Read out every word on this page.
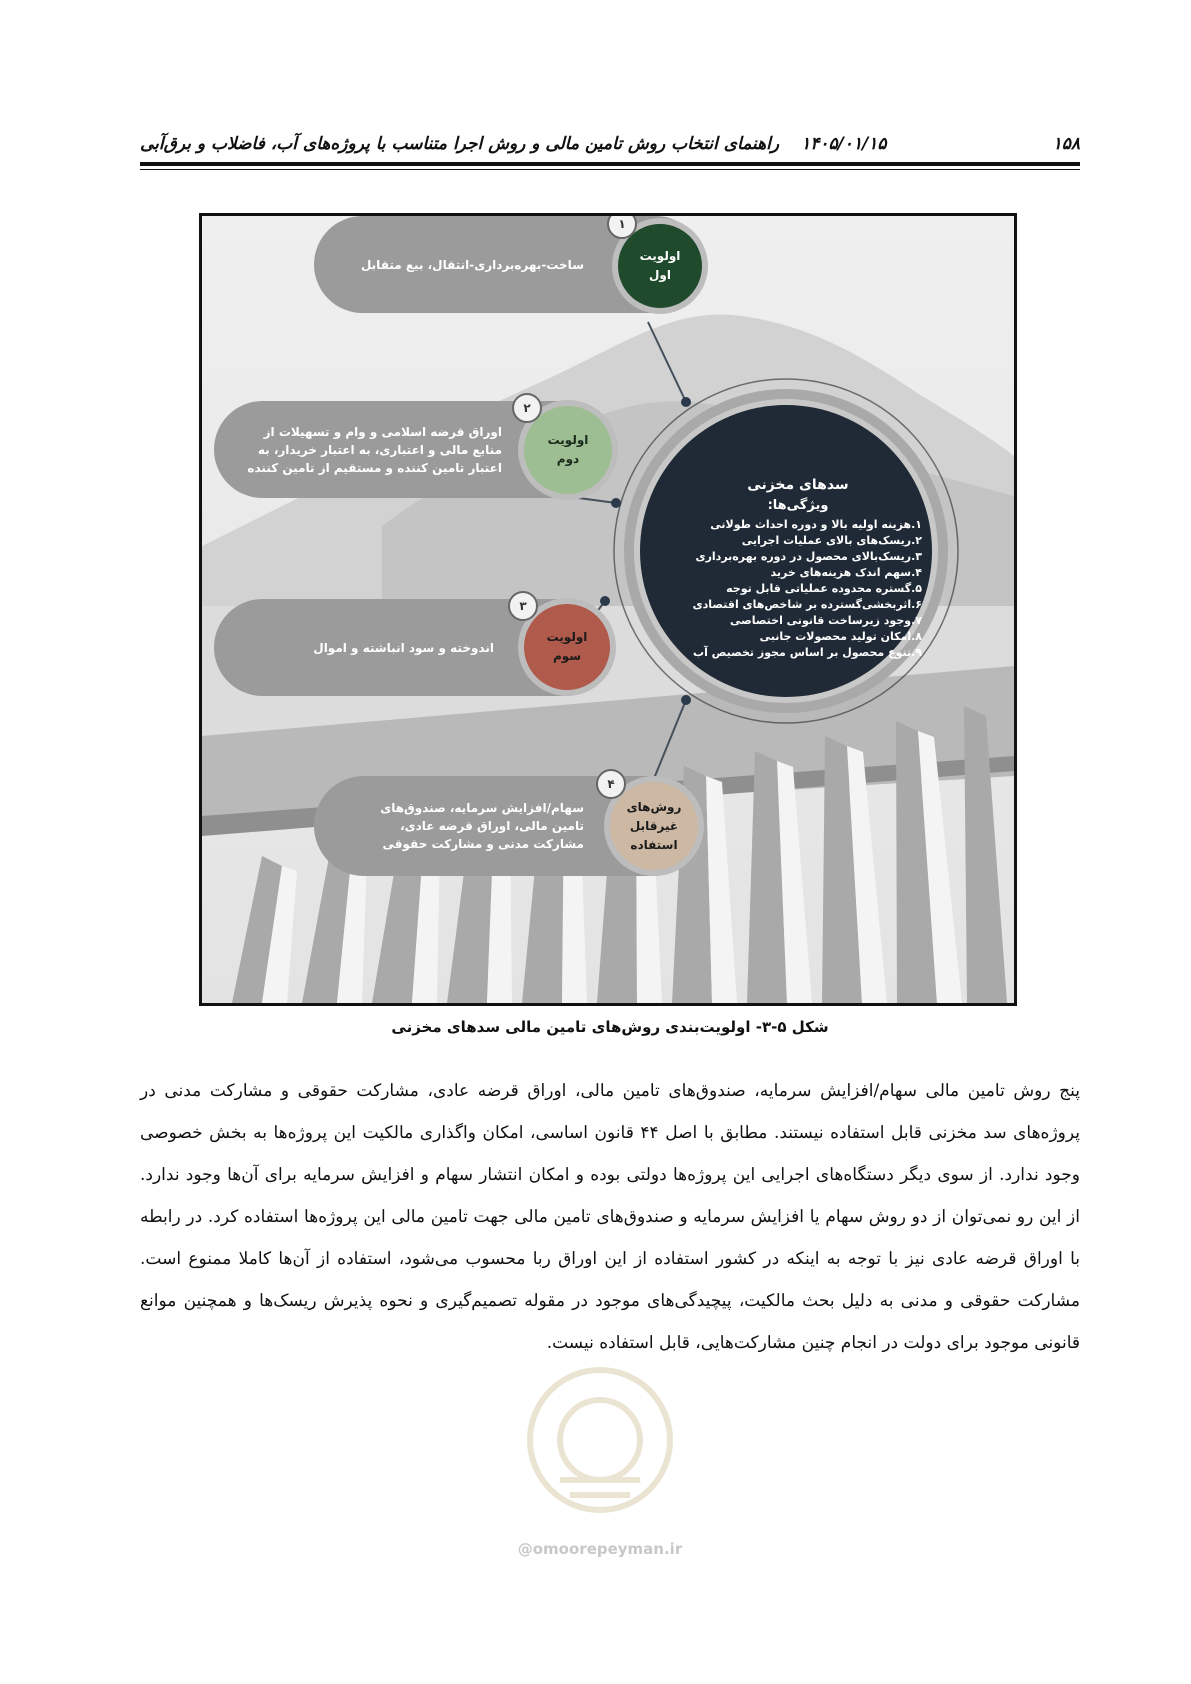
۱۵۸
۱۴۰۵/۰۱/۱۵
راهنمای انتخاب روش تامین مالی و روش اجرا متناسب با پروژه‌های آب، فاضلاب و برق‌آبی
ساخت-بهره‌برداری-انتقال، بیع متقابل
اولویت
اول
۱
اوراق قرضه اسلامی و وام و تسهیلات از منابع مالی و اعتباری، به اعتبار خریدار، به اعتبار تامین کننده و مستقیم از تامین کننده
اولویت
دوم
۲
اندوخته و سود انباشته و اموال
اولویت
سوم
۳
سهام/افزایش سرمایه، صندوق‌های تامین مالی، اوراق قرضه عادی، مشارکت مدنی و مشارکت حقوقی
روش‌های
غیرقابل
استفاده
۴
سدهای مخزنی
ویژگی‌ها:
۱.هزینه اولیه بالا و دوره احداث طولانی
۲.ریسک‌های بالای عملیات اجرایی
۳.ریسک‌بالای محصول در دوره بهره‌برداری
۴.سهم اندک هزینه‌های خرید
۵.گستره محدوده عملیاتی قابل توجه
۶.اثربخشی‌گسترده بر شاخص‌های اقتصادی
۷.وجود زیرساخت قانونی اختصاصی
۸.امکان تولید محصولات جانبی
۹.تنوع محصول بر اساس مجوز تخصیص آب
شکل ۵-۳- اولویت‌بندی روش‌های تامین مالی سدهای مخزنی
پنج روش تامین مالی سهام/افزایش سرمایه، صندوق‌های تامین مالی، اوراق قرضه عادی، مشارکت حقوقی و مشارکت مدنی در پروژه‌های سد مخزنی قابل استفاده نیستند. مطابق با اصل ۴۴ قانون اساسی، امکان واگذاری مالکیت این پروژه‌ها به بخش خصوصی وجود ندارد. از سوی دیگر دستگاه‌های اجرایی این پروژه‌ها دولتی بوده و امکان انتشار سهام و افزایش سرمایه برای آن‌ها وجود ندارد. از این رو نمی‌توان از دو روش سهام یا افزایش سرمایه و صندوق‌های تامین مالی جهت تامین مالی این پروژه‌ها استفاده کرد. در رابطه با اوراق قرضه عادی نیز با توجه به اینکه در کشور استفاده از این اوراق ربا محسوب می‌شود، استفاده از آن‌ها کاملا ممنوع است. مشارکت حقوقی و مدنی به دلیل بحث مالکیت، پیچیدگی‌های موجود در مقوله تصمیم‌گیری و نحوه پذیرش ریسک‌ها و همچنین موانع قانونی موجود برای دولت در انجام چنین مشارکت‌هایی، قابل استفاده نیست.
@omoorepeyman.ir
